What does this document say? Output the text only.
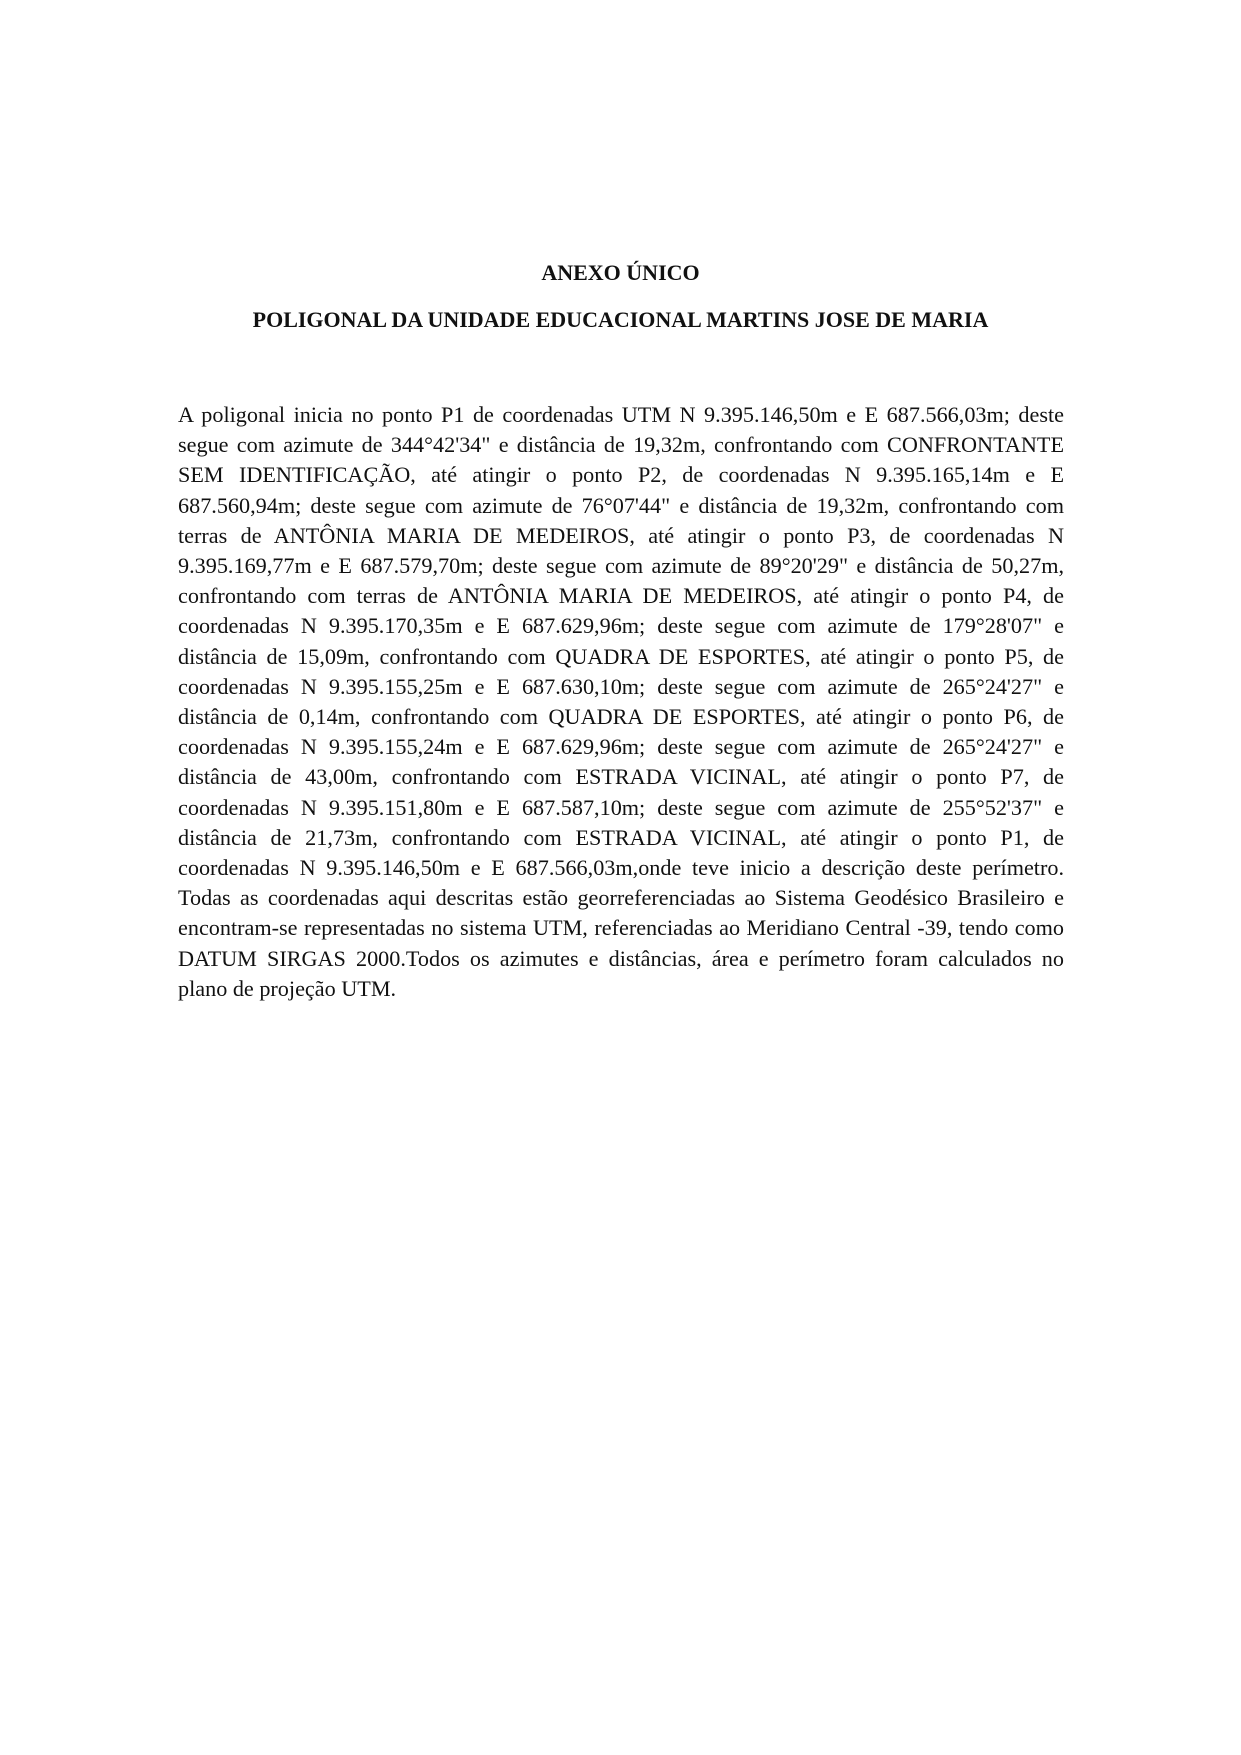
ANEXO ÚNICO
POLIGONAL DA UNIDADE EDUCACIONAL MARTINS JOSE DE MARIA

A poligonal inicia no ponto P1 de coordenadas UTM N 9.395.146,50m e E 687.566,03m; deste segue com azimute de 344°42'34" e distância de 19,32m, confrontando com CONFRONTANTE SEM IDENTIFICAÇÃO, até atingir o ponto P2, de coordenadas N 9.395.165,14m e E 687.560,94m; deste segue com azimute de 76°07'44" e distância de 19,32m, confrontando com terras de ANTÔNIA MARIA DE MEDEIROS, até atingir o ponto P3, de coordenadas N 9.395.169,77m e E 687.579,70m; deste segue com azimute de 89°20'29" e distância de 50,27m, confrontando com terras de ANTÔNIA MARIA DE MEDEIROS, até atingir o ponto P4, de coordenadas N 9.395.170,35m e E 687.629,96m; deste segue com azimute de 179°28'07" e distância de 15,09m, confrontando com QUADRA DE ESPORTES, até atingir o ponto P5, de coordenadas N 9.395.155,25m e E 687.630,10m; deste segue com azimute de 265°24'27" e distância de 0,14m, confrontando com QUADRA DE ESPORTES, até atingir o ponto P6, de coordenadas N 9.395.155,24m e E 687.629,96m; deste segue com azimute de 265°24'27" e distância de 43,00m, confrontando com ESTRADA VICINAL, até atingir o ponto P7, de coordenadas N 9.395.151,80m e E 687.587,10m; deste segue com azimute de 255°52'37" e distância de 21,73m, confrontando com ESTRADA VICINAL, até atingir o ponto P1, de coordenadas N 9.395.146,50m e E 687.566,03m,onde teve inicio a descrição deste perímetro. Todas as coordenadas aqui descritas estão georreferenciadas ao Sistema Geodésico Brasileiro e encontram-se representadas no sistema UTM, referenciadas ao Meridiano Central -39, tendo como DATUM SIRGAS 2000.Todos os azimutes e distâncias, área e perímetro foram calculados no plano de projeção UTM.
